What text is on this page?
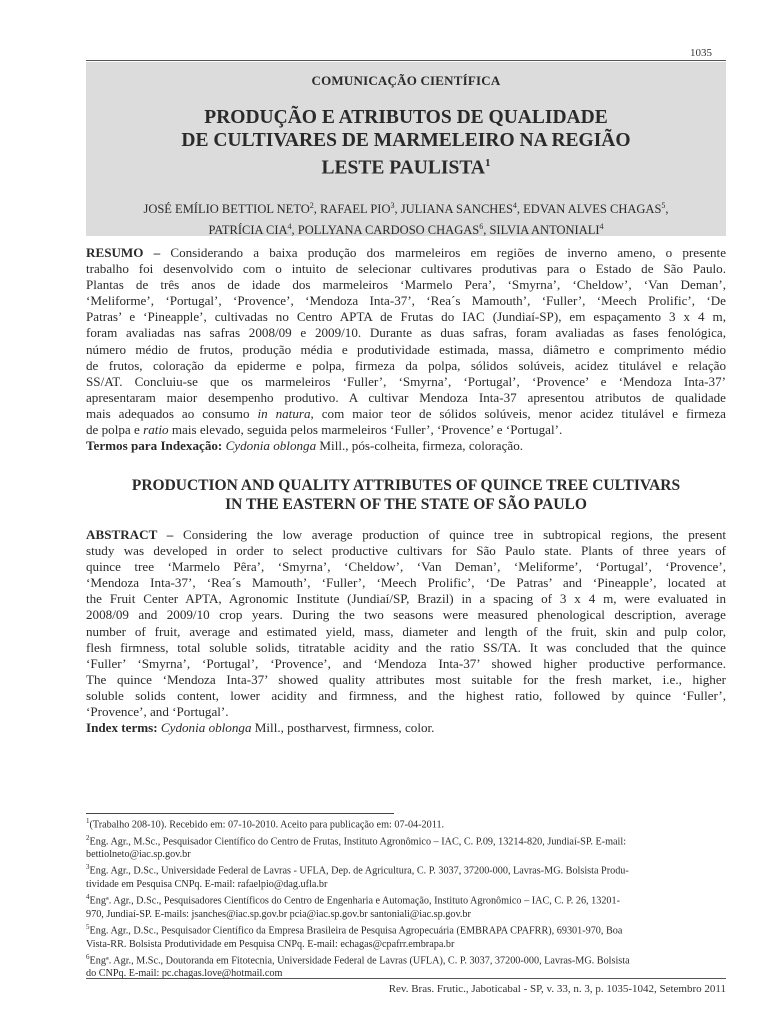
1035
COMUNICAÇÃO CIENTÍFICA
PRODUÇÃO E ATRIBUTOS DE QUALIDADE
DE CULTIVARES DE MARMELEIRO NA REGIÃO
LESTE PAULISTA$^1$
JOSÉ EMÍLIO BETTIOL NETO$^2$, RAFAEL PIO$^3$, JULIANA SANCHES$^4$, EDVAN ALVES CHAGAS$^5$,
PATRÍCIA CIA$^4$, POLLYANA CARDOSO CHAGAS$^6$, SILVIA ANTONIALI$^4$
RESUMO – Considerando a baixa produção dos marmeleiros em regiões de inverno ameno, o presente
trabalho foi desenvolvido com o intuito de selecionar cultivares produtivas para o Estado de São Paulo.
Plantas de três anos de idade dos marmeleiros ‘Marmelo Pera’, ‘Smyrna’, ‘Cheldow’, ‘Van Deman’,
‘Meliforme’, ‘Portugal’, ‘Provence’, ‘Mendoza Inta-37’, ‘Rea´s Mamouth’, ‘Fuller’, ‘Meech Prolific’, ‘De
Patras’ e ‘Pineapple’, cultivadas no Centro APTA de Frutas do IAC (Jundiaí-SP), em espaçamento 3 x 4 m,
foram avaliadas nas safras 2008/09 e 2009/10. Durante as duas safras, foram avaliadas as fases fenológica,
número médio de frutos, produção média e produtividade estimada, massa, diâmetro e comprimento médio
de frutos, coloração da epiderme e polpa, firmeza da polpa, sólidos solúveis, acidez titulável e relação
SS/AT. Concluiu-se que os marmeleiros ‘Fuller’, ‘Smyrna’, ‘Portugal’, ‘Provence’ e ‘Mendoza Inta-37’
apresentaram maior desempenho produtivo. A cultivar Mendoza Inta-37 apresentou atributos de qualidade
mais adequados ao consumo in natura, com maior teor de sólidos solúveis, menor acidez titulável e firmeza
de polpa e ratio mais elevado, seguida pelos marmeleiros ‘Fuller’, ‘Provence’ e ‘Portugal’.
Termos para Indexação: Cydonia oblonga Mill., pós-colheita, firmeza, coloração.
PRODUCTION AND QUALITY ATTRIBUTES OF QUINCE TREE CULTIVARS
IN THE EASTERN OF THE STATE OF SÃO PAULO
ABSTRACT – Considering the low average production of quince tree in subtropical regions, the present
study was developed in order to select productive cultivars for São Paulo state. Plants of three years of
quince tree ‘Marmelo Pêra’, ‘Smyrna’, ‘Cheldow’, ‘Van Deman’, ‘Meliforme’, ‘Portugal’, ‘Provence’,
‘Mendoza Inta-37’, ‘Rea´s Mamouth’, ‘Fuller’, ‘Meech Prolific’, ‘De Patras’ and ‘Pineapple’, located at
the Fruit Center APTA, Agronomic Institute (Jundiaí/SP, Brazil) in a spacing of 3 x 4 m, were evaluated in
2008/09 and 2009/10 crop years. During the two seasons were measured phenological description, average
number of fruit, average and estimated yield, mass, diameter and length of the fruit, skin and pulp color,
flesh firmness, total soluble solids, titratable acidity and the ratio SS/TA. It was concluded that the quince
‘Fuller’ ‘Smyrna’, ‘Portugal’, ‘Provence’, and ‘Mendoza Inta-37’ showed higher productive performance.
The quince ‘Mendoza Inta-37’ showed quality attributes most suitable for the fresh market, i.e., higher
soluble solids content, lower acidity and firmness, and the highest ratio, followed by quince ‘Fuller’,
‘Provence’, and ‘Portugal’.
Index terms: Cydonia oblonga Mill., postharvest, firmness, color.
$^1$(Trabalho 208-10). Recebido em: 07-10-2010. Aceito para publicação em: 07-04-2011.
$^2$Eng. Agr., M.Sc., Pesquisador Científico do Centro de Frutas, Instituto Agronômico – IAC, C. P.09, 13214-820, Jundiaí-SP. E-mail:
bettiolneto@iac.sp.gov.br
$^3$Eng. Agr., D.Sc., Universidade Federal de Lavras - UFLA, Dep. de Agricultura, C. P. 3037, 37200-000, Lavras-MG. Bolsista Produ-
tividade em Pesquisa CNPq. E-mail: rafaelpio@dag.ufla.br
$^4$Engª. Agr., D.Sc., Pesquisadores Científicos do Centro de Engenharia e Automação, Instituto Agronômico – IAC, C. P. 26, 13201-
970, Jundiaí-SP. E-mails: jsanches@iac.sp.gov.br pcia@iac.sp.gov.br santoniali@iac.sp.gov.br
$^5$Eng. Agr., D.Sc., Pesquisador Científico da Empresa Brasileira de Pesquisa Agropecuária (EMBRAPA CPAFRR), 69301-970, Boa
Vista-RR. Bolsista Produtividade em Pesquisa CNPq. E-mail: echagas@cpafrr.embrapa.br
$^6$Engª. Agr., M.Sc., Doutoranda em Fitotecnia, Universidade Federal de Lavras (UFLA), C. P. 3037, 37200-000, Lavras-MG. Bolsista
do CNPq. E-mail: pc.chagas.love@hotmail.com
Rev. Bras. Frutic., Jaboticabal - SP, v. 33, n. 3, p. 1035-1042, Setembro 2011
